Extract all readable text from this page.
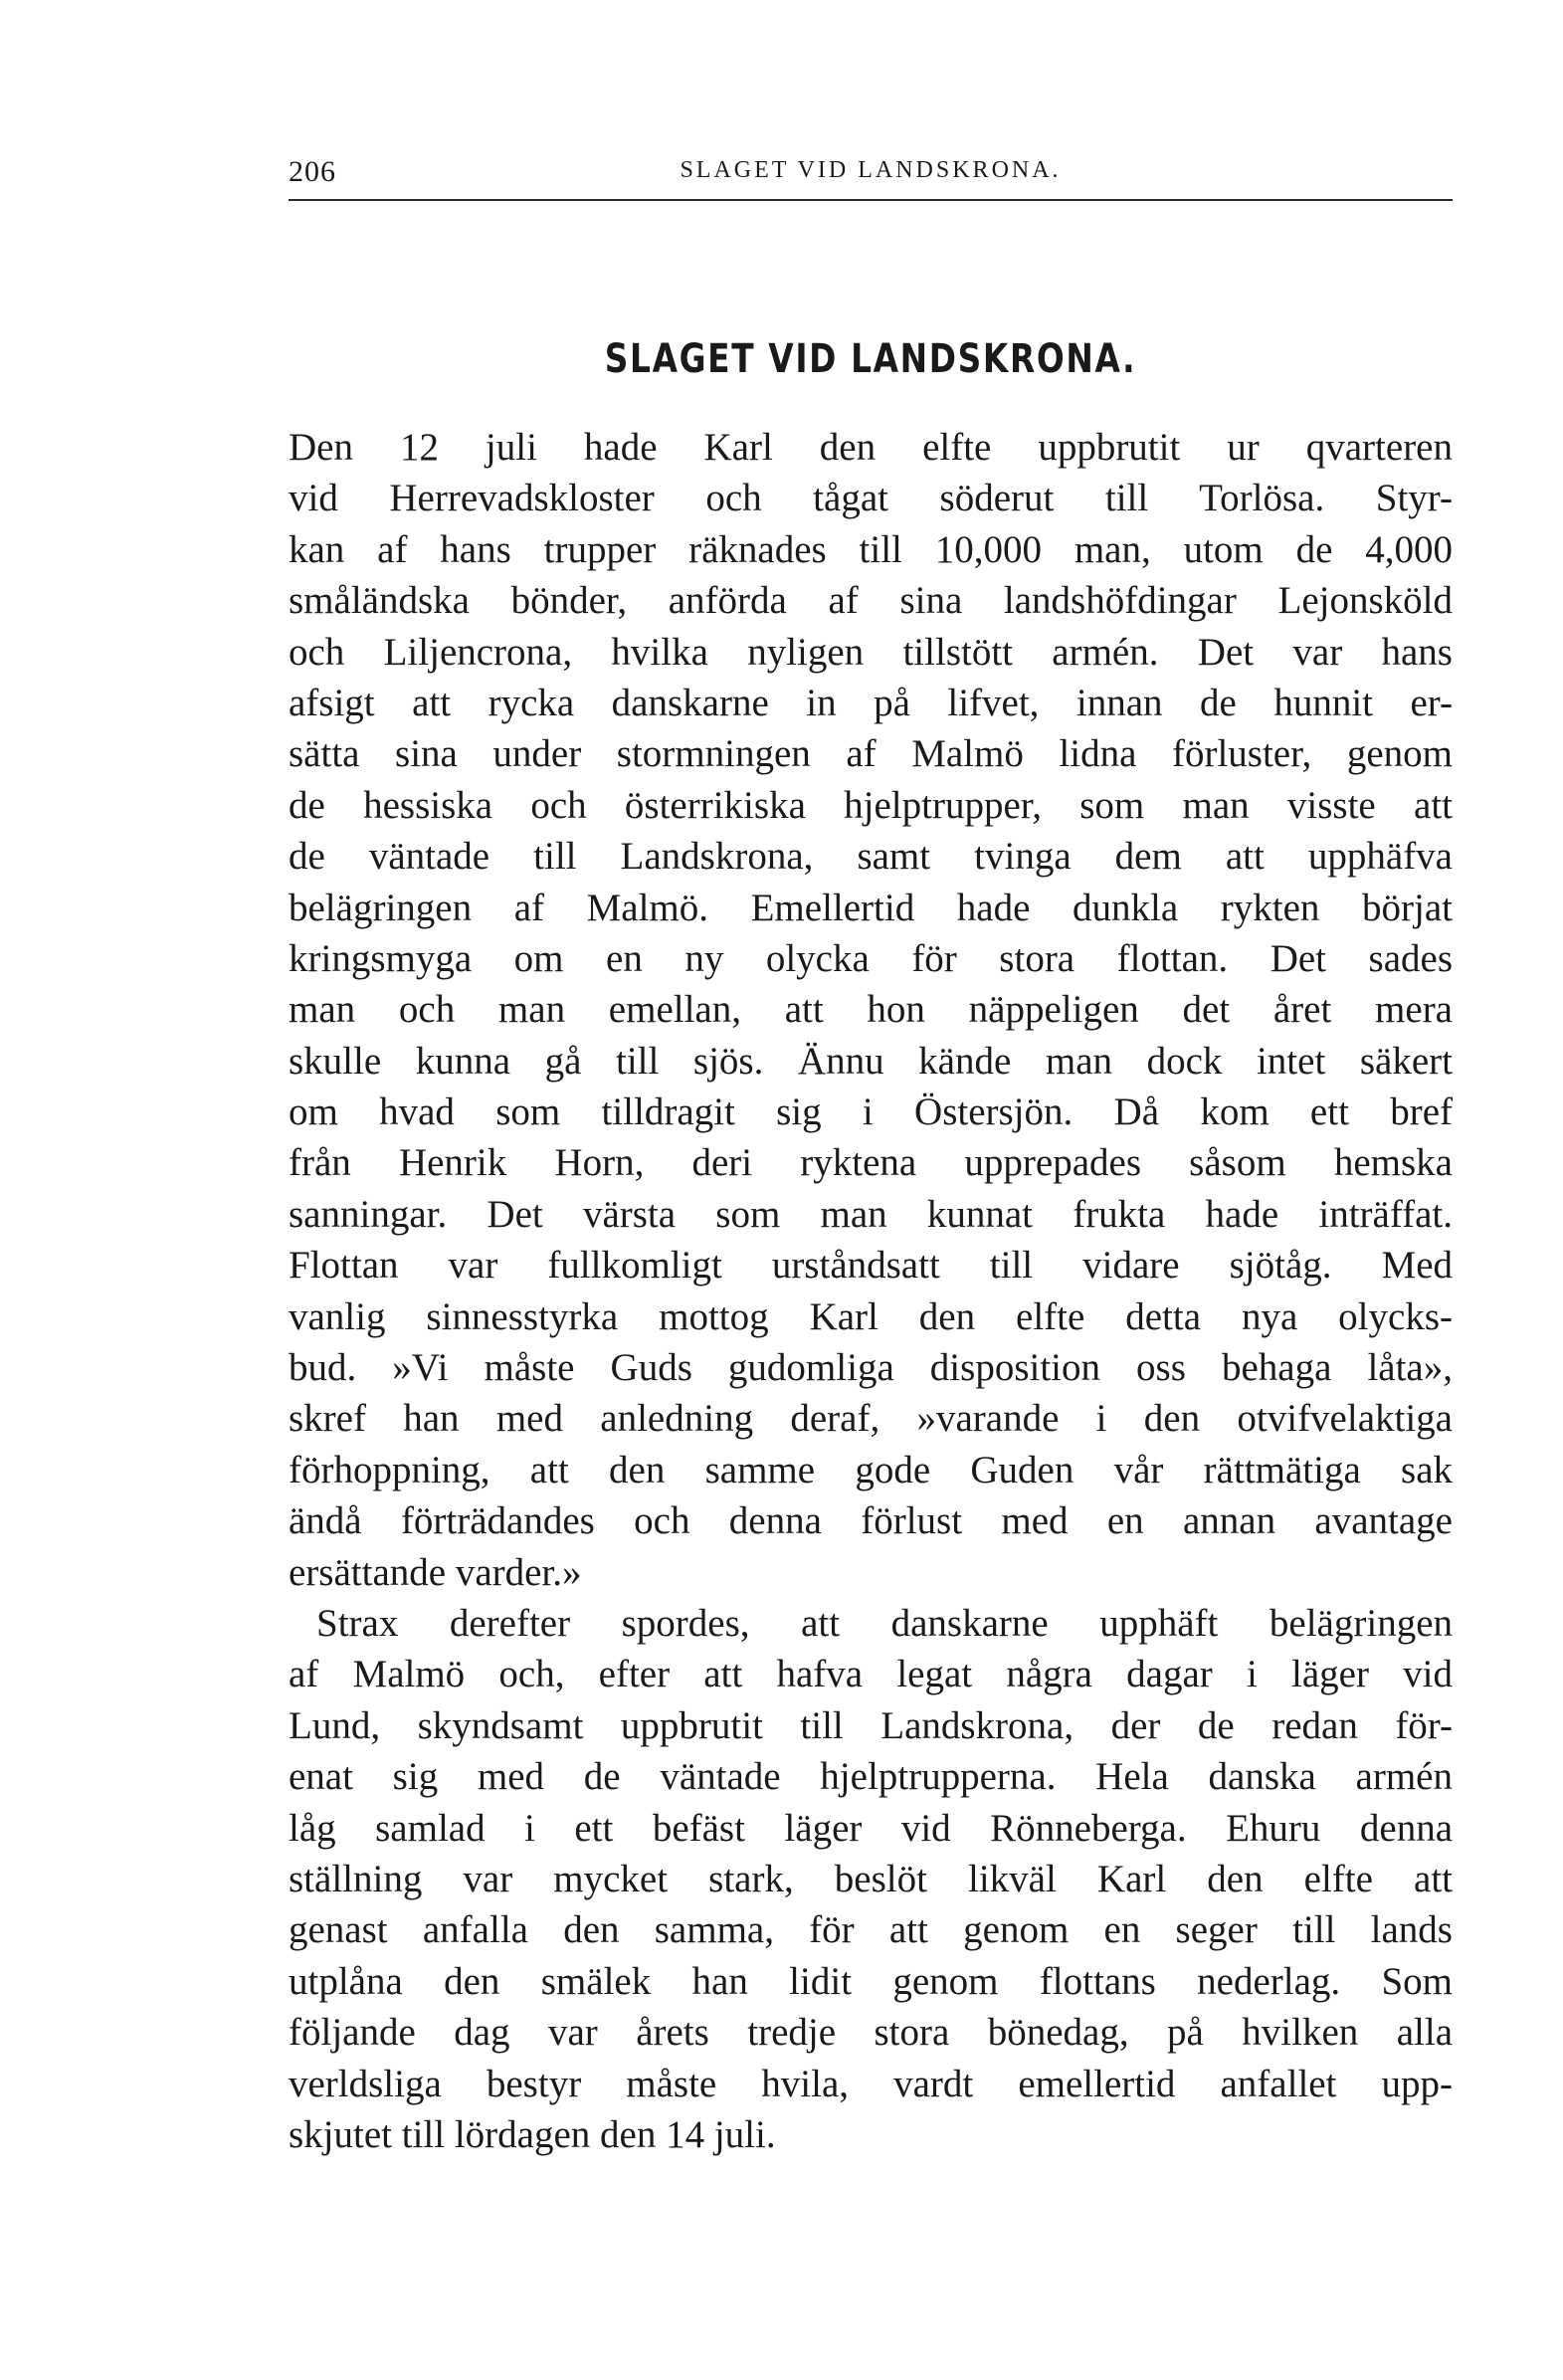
206	SLAGET VID LANDSKRONA.
SLAGET VID LANDSKRONA.
Den 12 juli hade Karl den elfte uppbrutit ur qvarteren
vid Herrevadskloster och tågat söderut till Torlösa. Styr-
kan af hans trupper räknades till 10,000 man, utom de 4,000
småländska bönder, anförda af sina landshöfdingar Lejonsköld
och Liljencrona, hvilka nyligen tillstött armén. Det var hans
afsigt att rycka danskarne in på lifvet, innan de hunnit er-
sätta sina under stormningen af Malmö lidna förluster, genom
de hessiska och österrikiska hjelptrupper, som man visste att
de väntade till Landskrona, samt tvinga dem att upphäfva
belägringen af Malmö. Emellertid hade dunkla rykten börjat
kringsmyga om en ny olycka för stora flottan. Det sades
man och man emellan, att hon näppeligen det året mera
skulle kunna gå till sjös. Ännu kände man dock intet säkert
om hvad som tilldragit sig i Östersjön. Då kom ett bref
från Henrik Horn, deri ryktena upprepades såsom hemska
sanningar. Det värsta som man kunnat frukta hade inträffat.
Flottan var fullkomligt urståndsatt till vidare sjötåg. Med
vanlig sinnesstyrka mottog Karl den elfte detta nya olycks-
bud. »Vi måste Guds gudomliga disposition oss behaga låta»,
skref han med anledning deraf, »varande i den otvifvelaktiga
förhoppning, att den samme gode Guden vår rättmätiga sak
ändå förträdandes och denna förlust med en annan avantage
ersättande varder.»
Strax derefter spordes, att danskarne upphäft belägringen
af Malmö och, efter att hafva legat några dagar i läger vid
Lund, skyndsamt uppbrutit till Landskrona, der de redan för-
enat sig med de väntade hjelptrupperna. Hela danska armén
låg samlad i ett befäst läger vid Rönneberga. Ehuru denna
ställning var mycket stark, beslöt likväl Karl den elfte att
genast anfalla den samma, för att genom en seger till lands
utplåna den smälek han lidit genom flottans nederlag. Som
följande dag var årets tredje stora bönedag, på hvilken alla
verldsliga bestyr måste hvila, vardt emellertid anfallet upp-
skjutet till lördagen den 14 juli.
